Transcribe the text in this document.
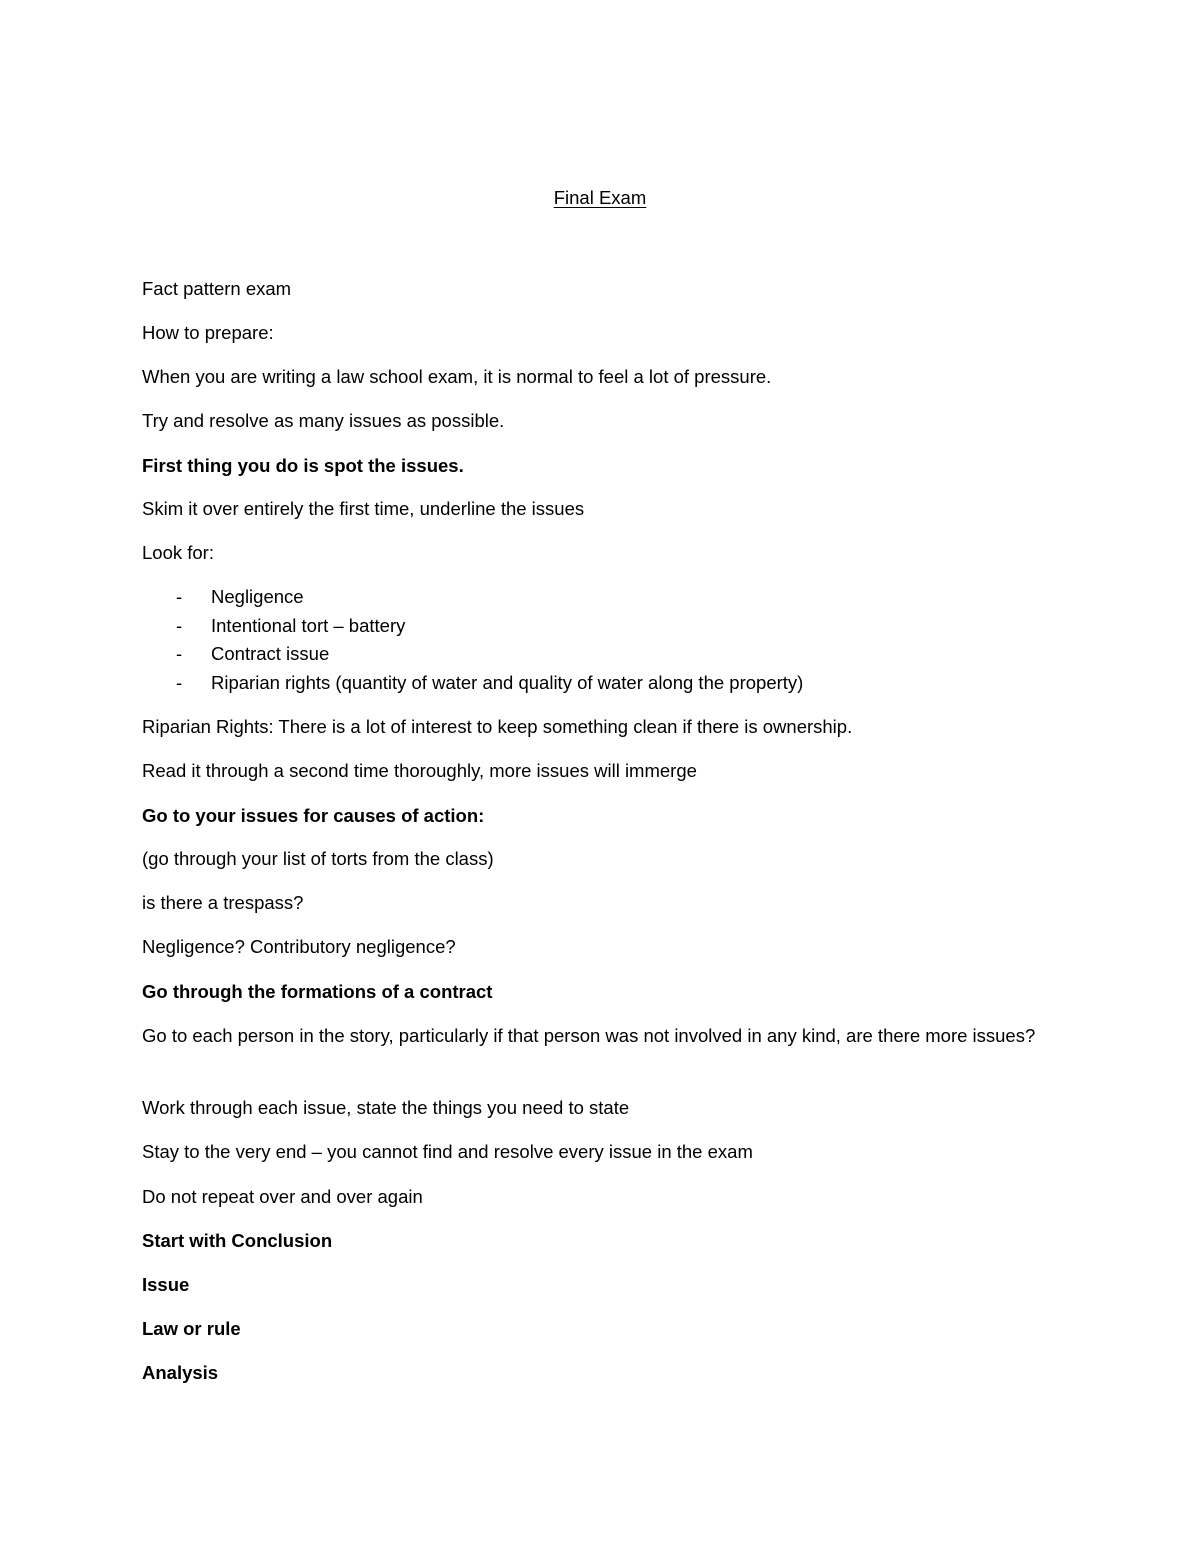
Final Exam

Fact pattern exam

How to prepare:

When you are writing a law school exam, it is normal to feel a lot of pressure.

Try and resolve as many issues as possible.

First thing you do is spot the issues.

Skim it over entirely the first time, underline the issues

Look for:

- Negligence
- Intentional tort – battery
- Contract issue
- Riparian rights (quantity of water and quality of water along the property)

Riparian Rights: There is a lot of interest to keep something clean if there is ownership.

Read it through a second time thoroughly, more issues will immerge

Go to your issues for causes of action:

(go through your list of torts from the class)

is there a trespass?

Negligence? Contributory negligence?

Go through the formations of a contract

Go to each person in the story, particularly if that person was not involved in any kind, are there more issues?

Work through each issue, state the things you need to state

Stay to the very end – you cannot find and resolve every issue in the exam

Do not repeat over and over again

Start with Conclusion

Issue

Law or rule

Analysis
